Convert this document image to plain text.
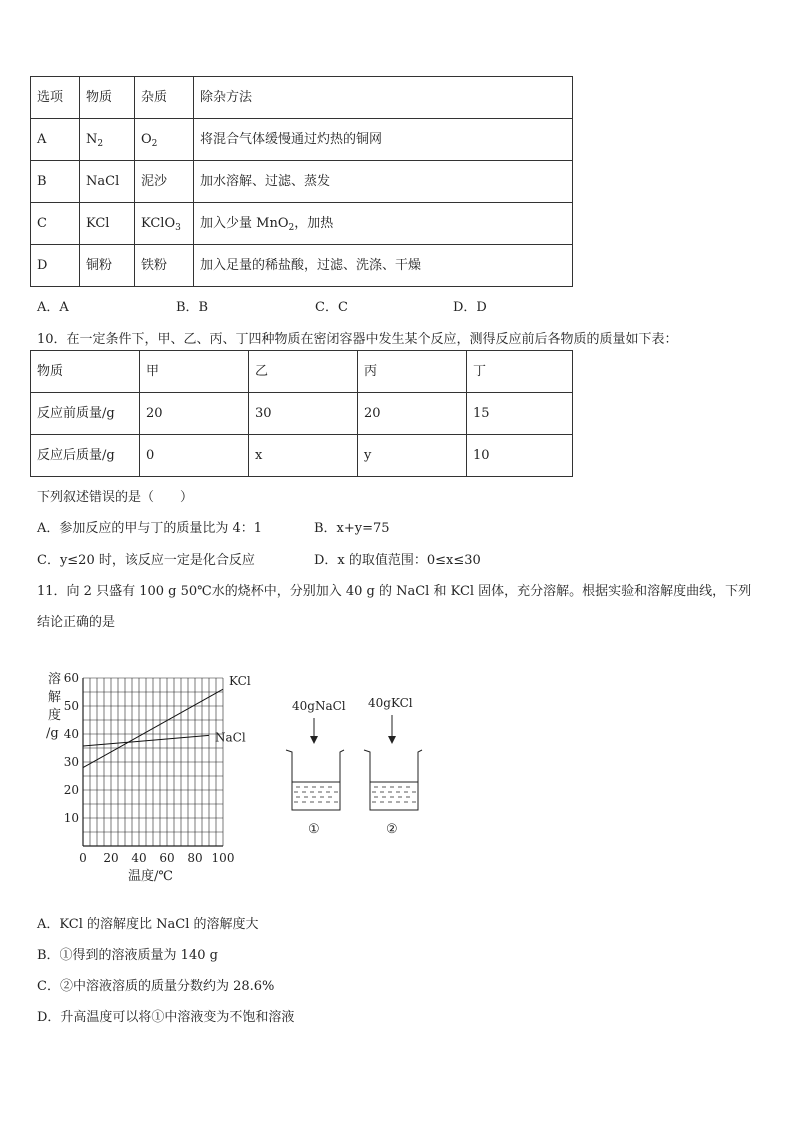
选项	物质	杂质	除杂方法
A	$N_2$	$O_2$	将混合气体缓慢通过灼热的铜网
B	NaCl	泥沙	加水溶解、过滤、蒸发
C	KCl	KClO$_3$	加入少量 MnO$_2$，加热
D	铜粉	铁粉	加入足量的稀盐酸，过滤、洗涤、干燥
A．A	B．B	C．C	D．D
10．在一定条件下，甲、乙、丙、丁四种物质在密闭容器中发生某个反应，测得反应前后各物质的质量如下表：
物质	甲	乙	丙	丁
反应前质量/g	20	30	20	15
反应后质量/g	0	x	y	10
下列叙述错误的是（　　）
A．参加反应的甲与丁的质量比为 4：1	B．x+y=75
C．y≤20 时，该反应一定是化合反应	D．x 的取值范围：0≤x≤30
11．向 2 只盛有 100 g 50℃水的烧杯中，分别加入 40 g 的 NaCl 和 KCl 固体，充分溶解。根据实验和溶解度曲线，下列
结论正确的是
0 20 40 60 80 100
10
20
30
40
50
60	KCl
NaCl
溶
解
度
/g
温度/℃
40gNaCl 40gKCl
①	②
A．KCl 的溶解度比 NaCl 的溶解度大
B．①得到的溶液质量为 140 g
C．②中溶液溶质的质量分数约为 28.6%
D．升高温度可以将①中溶液变为不饱和溶液
